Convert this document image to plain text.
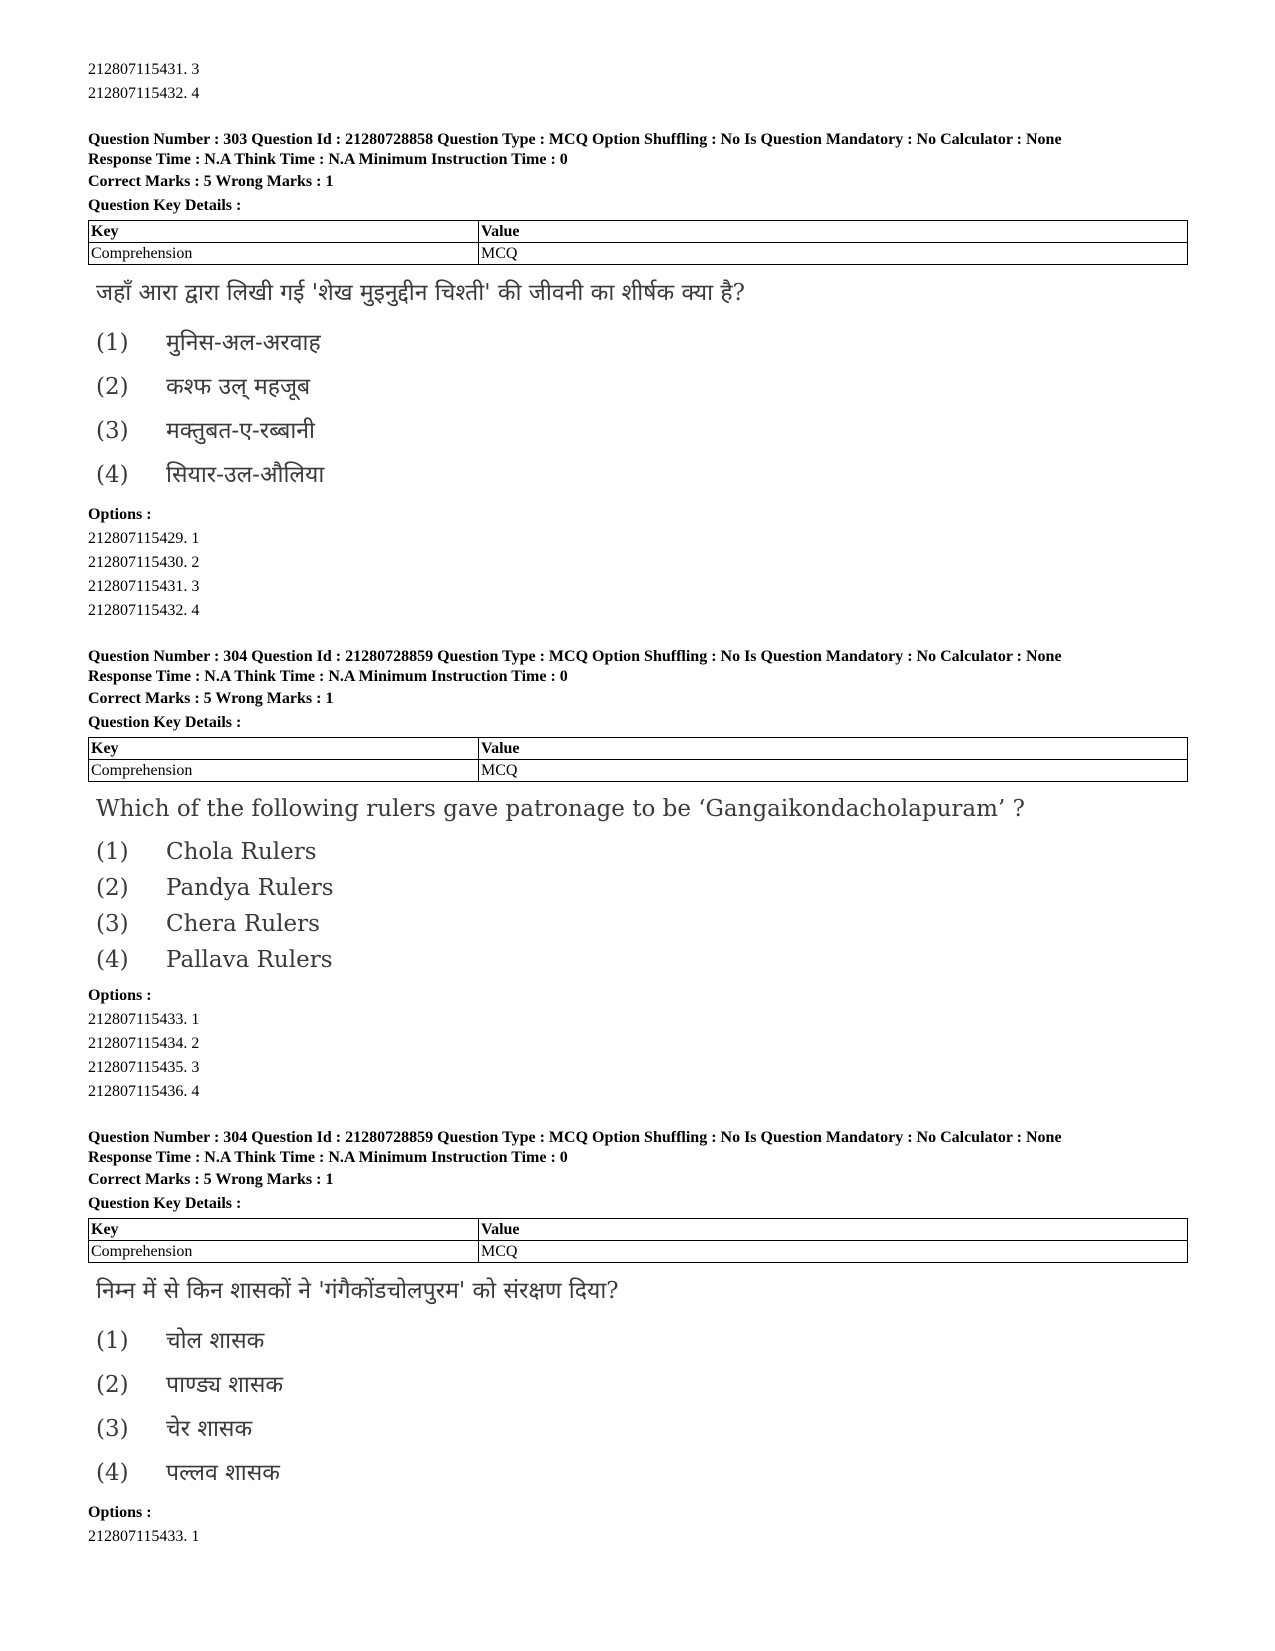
212807115431. 3

212807115432. 4

Question Number : 303 Question Id : 21280728858 Question Type : MCQ Option Shuffling : No Is Question Mandatory : No Calculator : None

Response Time : N.A Think Time : N.A Minimum Instruction Time : 0

Correct Marks : 5 Wrong Marks : 1

Question Key Details :

Key	Value
Comprehension	MCQ
जहाँ आरा द्वारा लिखी गई 'शेख मुइनुद्दीन चिश्ती' की जीवनी का शीर्षक क्या है?
(1)	मुनिस-अल-अरवाह
(2)	कश्फ उल् महजूब
(3)	मक्तुबत-ए-रब्बानी
(4)	सियार-उल-औलिया

Options :

212807115429. 1

212807115430. 2

212807115431. 3

212807115432. 4

Question Number : 304 Question Id : 21280728859 Question Type : MCQ Option Shuffling : No Is Question Mandatory : No Calculator : None

Response Time : N.A Think Time : N.A Minimum Instruction Time : 0

Correct Marks : 5 Wrong Marks : 1

Question Key Details :

Key	Value
Comprehension	MCQ
Which of the following rulers gave patronage to be ‘Gangaikondacholapuram’ ?
(1)	Chola Rulers
(2)	Pandya Rulers
(3)	Chera Rulers
(4)	Pallava Rulers

Options :

212807115433. 1

212807115434. 2

212807115435. 3

212807115436. 4

Question Number : 304 Question Id : 21280728859 Question Type : MCQ Option Shuffling : No Is Question Mandatory : No Calculator : None

Response Time : N.A Think Time : N.A Minimum Instruction Time : 0

Correct Marks : 5 Wrong Marks : 1

Question Key Details :

Key	Value
Comprehension	MCQ
निम्न में से किन शासकों ने 'गंगैकोंडचोलपुरम' को संरक्षण दिया?
(1)	चोल शासक
(2)	पाण्ड्य शासक
(3)	चेर शासक
(4)	पल्लव शासक

Options :

212807115433. 1
